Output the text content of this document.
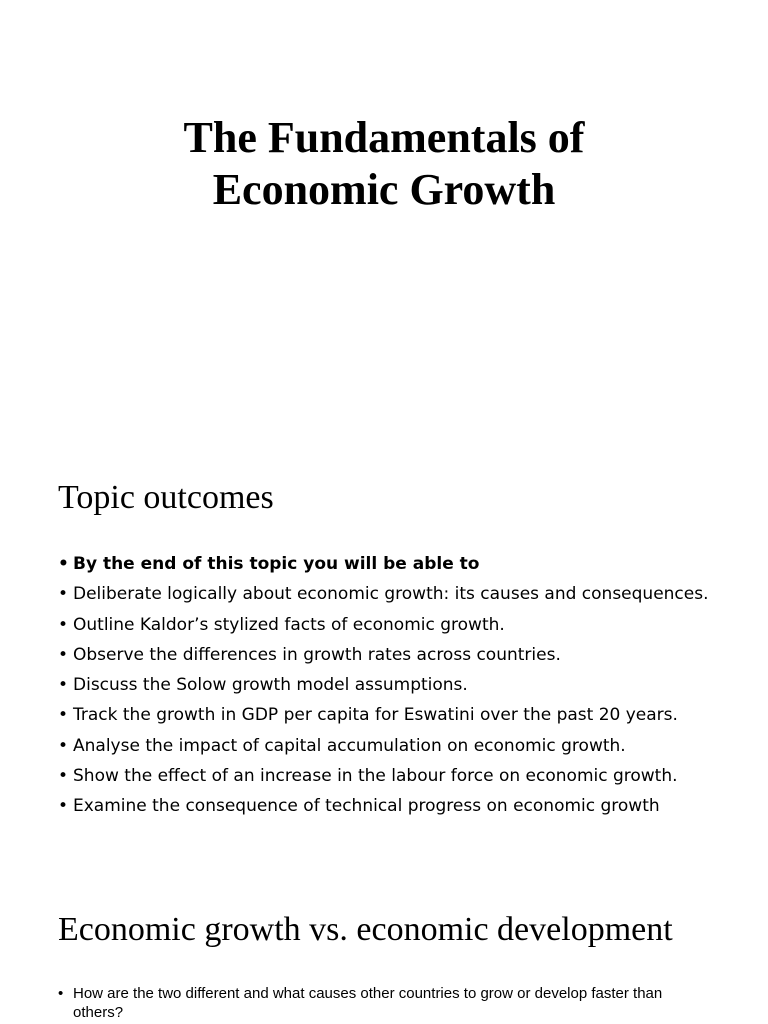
The Fundamentals of
Economic Growth
Topic outcomes
• By the end of this topic you will be able to
• Deliberate logically about economic growth: its causes and consequences.
• Outline Kaldor’s stylized facts of economic growth.
• Observe the differences in growth rates across countries.
• Discuss the Solow growth model assumptions.
• Track the growth in GDP per capita for Eswatini over the past 20 years.
• Analyse the impact of capital accumulation on economic growth.
• Show the effect of an increase in the labour force on economic growth.
• Examine the consequence of technical progress on economic growth
Economic growth vs. economic development
• How are the two different and what causes other countries to grow or develop faster than others?
